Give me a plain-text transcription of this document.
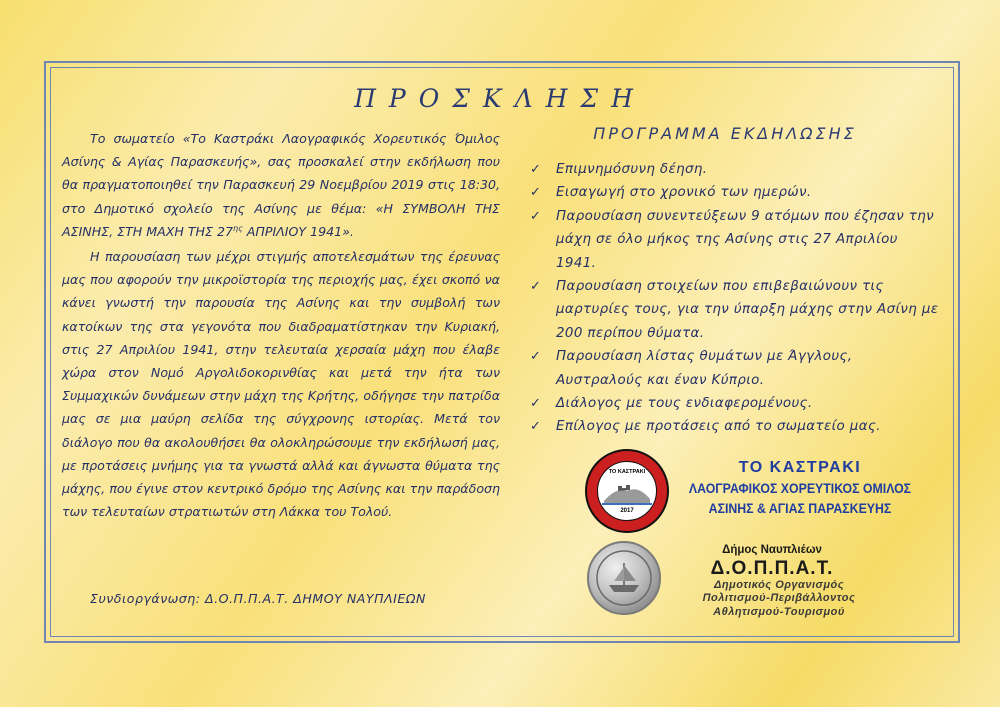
ΠΡΟΣΚΛΗΣΗ

Το σωματείο «Το Καστράκι Λαογραφικός Χορευτικός Όμιλος Ασίνης & Αγίας Παρασκευής», σας προσκαλεί στην εκδήλωση που θα πραγματοποιηθεί την Παρασκευή 29 Νοεμβρίου 2019 στις 18:30, στο Δημοτικό σχολείο της Ασίνης με θέμα: «Η ΣΥΜΒΟΛΗ ΤΗΣ ΑΣΙΝΗΣ, ΣΤΗ ΜΑΧΗ ΤΗΣ $27^{\eta\varsigma}$ ΑΠΡΙΛΙΟΥ 1941».

Η παρουσίαση των μέχρι στιγμής αποτελεσμάτων της έρευνας μας που αφορούν την μικροϊστορία της περιοχής μας, έχει σκοπό να κάνει γνωστή την παρουσία της Ασίνης και την συμβολή των κατοίκων της στα γεγονότα που διαδραματίστηκαν την Κυριακή, στις 27 Απριλίου 1941, στην τελευταία χερσαία μάχη που έλαβε χώρα στον Νομό Αργολιδοκορινθίας και μετά την ήτα των Συμμαχικών δυνάμεων στην μάχη της Κρήτης, οδήγησε την πατρίδα μας σε μια μαύρη σελίδα της σύγχρονης ιστορίας. Μετά τον διάλογο που θα ακολουθήσει θα ολοκληρώσουμε την εκδήλωσή μας, με προτάσεις μνήμης για τα γνωστά αλλά και άγνωστα θύματα της μάχης, που έγινε στον κεντρικό δρόμο της Ασίνης και την παράδοση των τελευταίων στρατιωτών στη Λάκκα του Τολού.

Συνδιοργάνωση: Δ.Ο.Π.Π.Α.Τ. ΔΗΜΟΥ ΝΑΥΠΛΙΕΩΝ
ΠΡΟΓΡΑΜΜΑ ΕΚΔΗΛΩΣΗΣ
✓ Επιμνημόσυνη δέηση.
✓ Εισαγωγή στο χρονικό των ημερών.
✓ Παρουσίαση συνεντεύξεων 9 ατόμων που έζησαν την μάχη σε όλο μήκος της Ασίνης στις 27 Απριλίου 1941.
✓ Παρουσίαση στοιχείων που επιβεβαιώνουν τις μαρτυρίες τους, για την ύπαρξη μάχης στην Ασίνη με 200 περίπου θύματα.
✓ Παρουσίαση λίστας θυμάτων με Άγγλους, Αυστραλούς και έναν Κύπριο.
✓ Διάλογος με τους ενδιαφερομένους.
✓ Επίλογος με προτάσεις από το σωματείο μας.
ΤΟ ΚΑΣΤΡΑΚΙ
2017
ΤΟ ΚΑΣΤΡΑΚΙ
ΛΑΟΓΡΑΦΙΚΟΣ ΧΟΡΕΥΤΙΚΟΣ ΟΜΙΛΟΣ
ΑΣΙΝΗΣ & ΑΓΙΑΣ ΠΑΡΑΣΚΕΥΗΣ
Δήμος Ναυπλιέων
Δ.Ο.Π.Π.Α.Τ.
Δημοτικός Οργανισμός
Πολιτισμού-Περιβάλλοντος
Αθλητισμού-Τουρισμού
